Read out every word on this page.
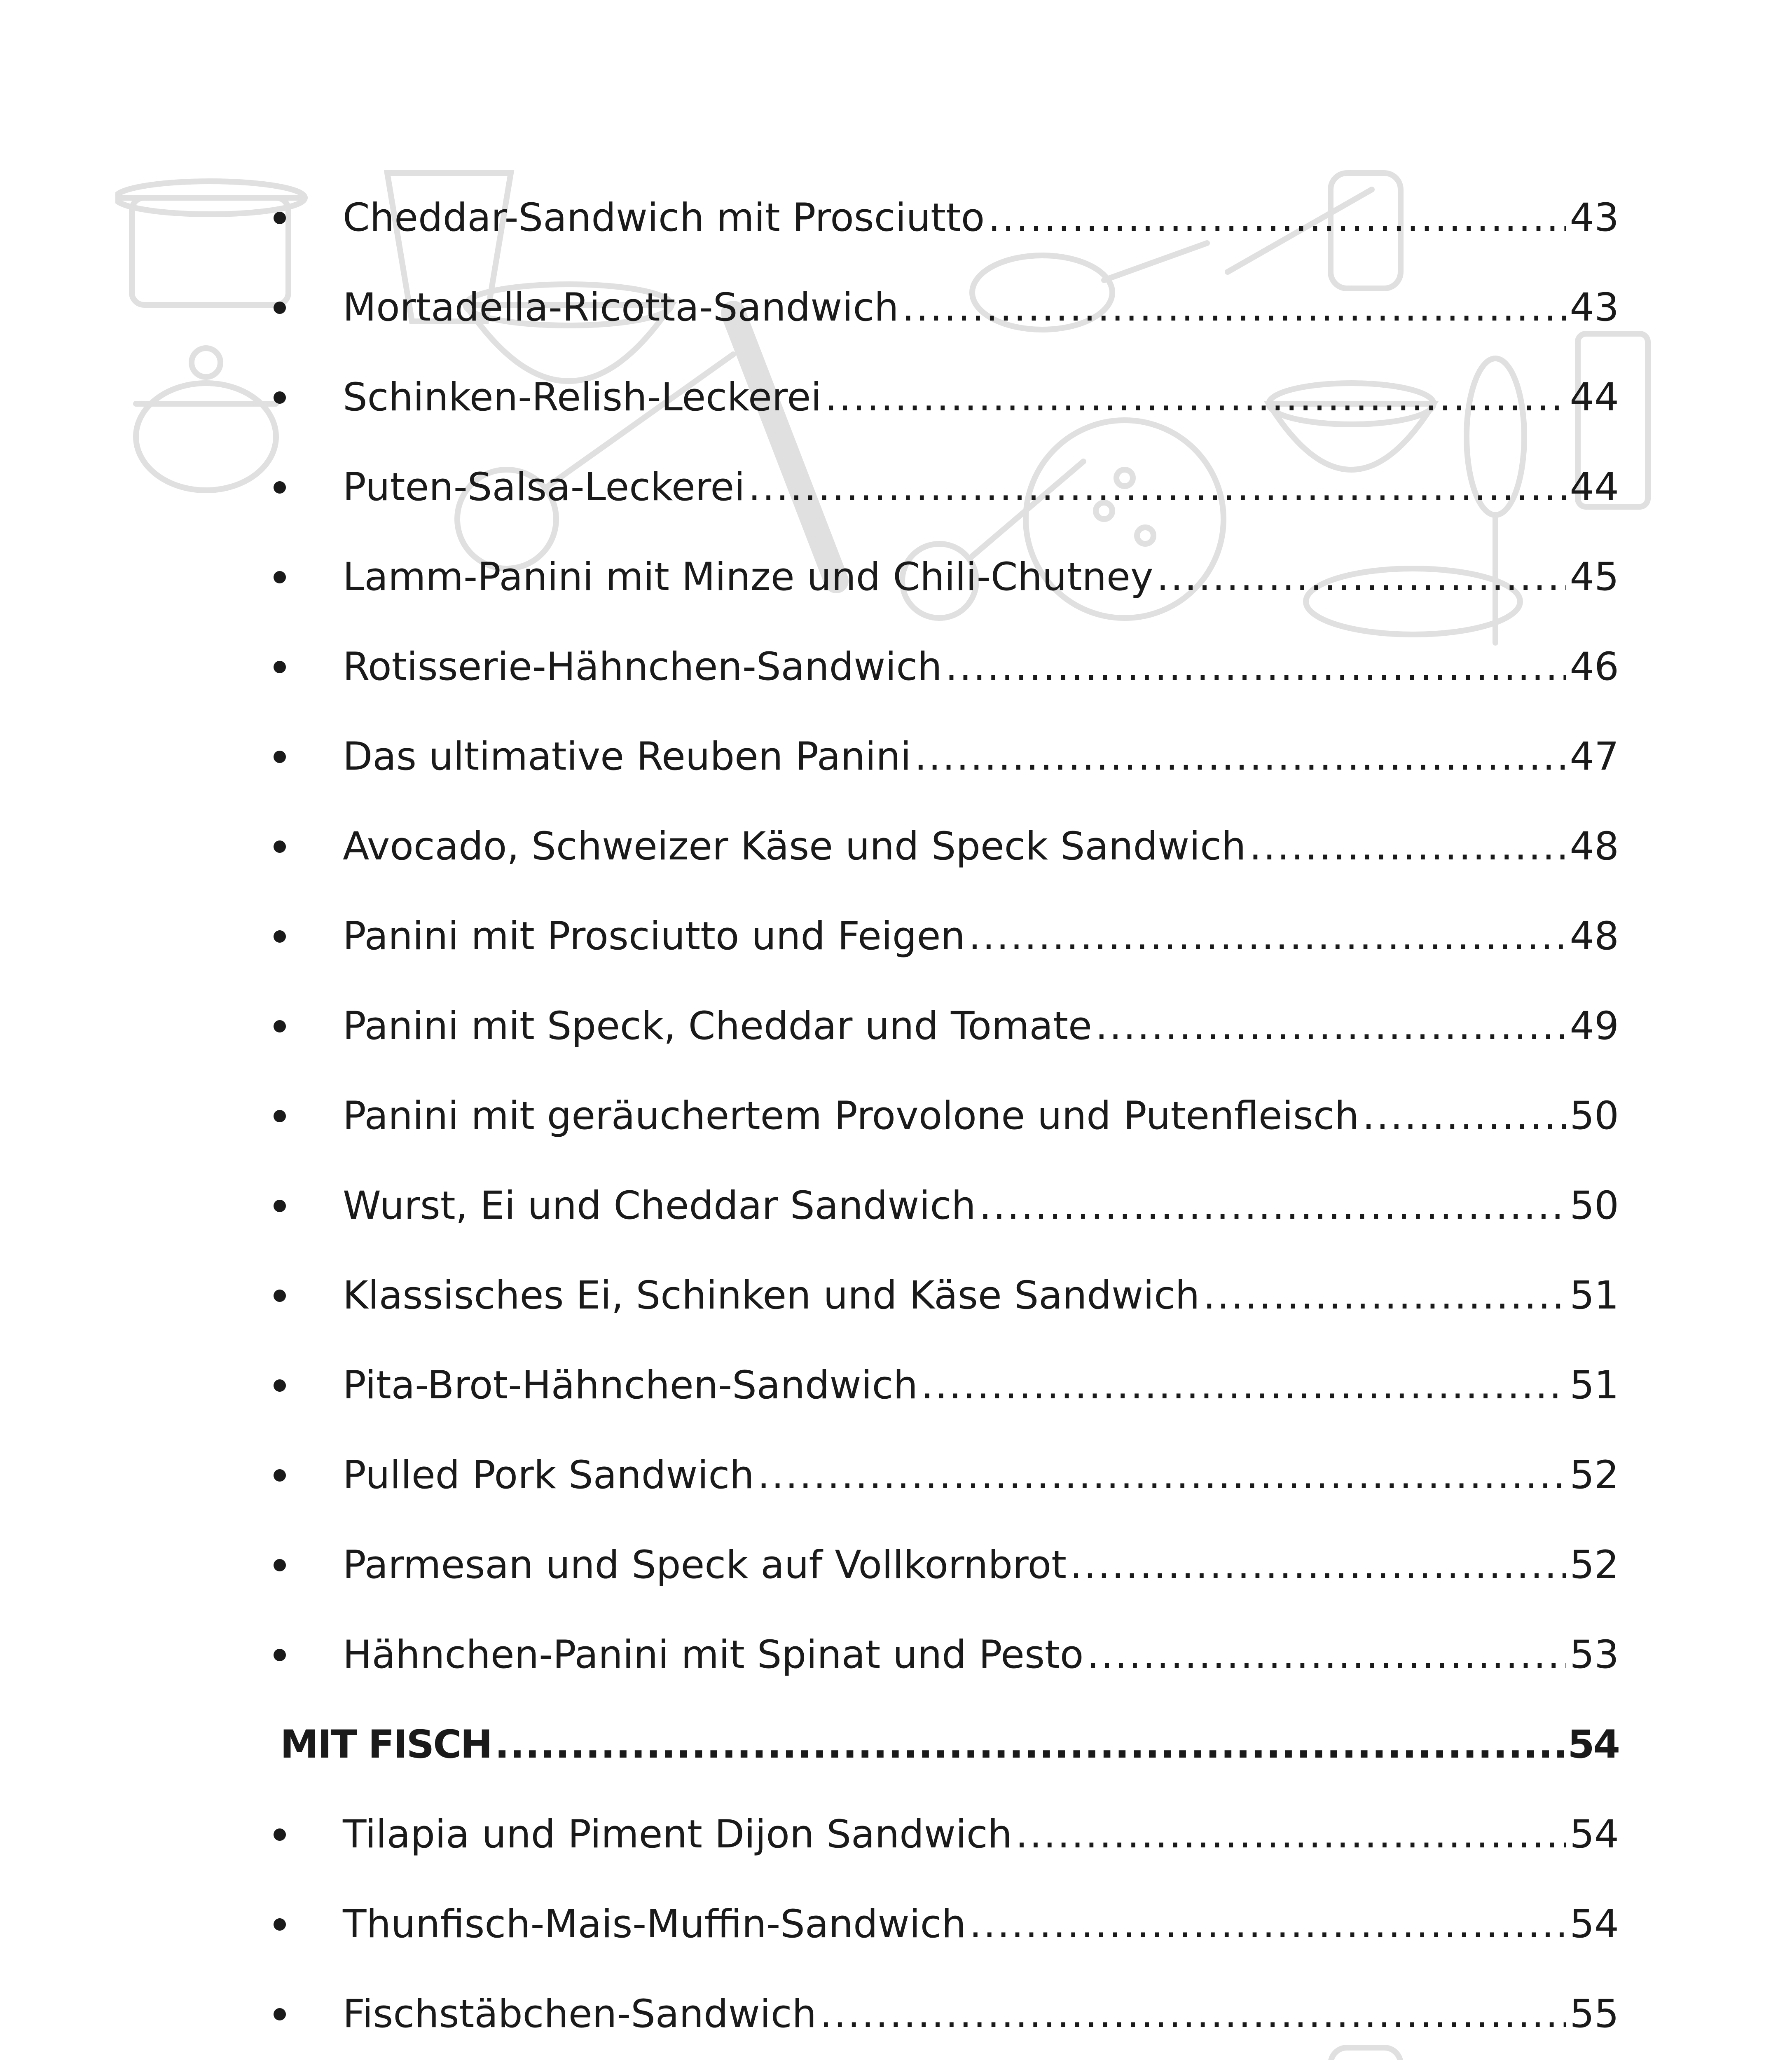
Cheddar-Sandwich mit Prosciutto .....	43
Mortadella-Ricotta-Sandwich .....	43
Schinken-Relish-Leckerei .....	44
Puten-Salsa-Leckerei .....	44
Lamm-Panini mit Minze und Chili-Chutney .....	45
Rotisserie-Hähnchen-Sandwich .....	46
Das ultimative Reuben Panini .....	47
Avocado, Schweizer Käse und Speck Sandwich .....	48
Panini mit Prosciutto und Feigen .....	48
Panini mit Speck, Cheddar und Tomate .....	49
Panini mit geräuchertem Provolone und Putenfleisch .....	50
Wurst, Ei und Cheddar Sandwich .....	50
Klassisches Ei, Schinken und Käse Sandwich .....	51
Pita-Brot-Hähnchen-Sandwich .....	51
Pulled Pork Sandwich .....	52
Parmesan und Speck auf Vollkornbrot .....	52
Hähnchen-Panini mit Spinat und Pesto .....	53
MIT FISCH .....	54
Tilapia und Piment Dijon Sandwich .....	54
Thunfisch-Mais-Muffin-Sandwich .....	54
Fischstäbchen-Sandwich .....	55
